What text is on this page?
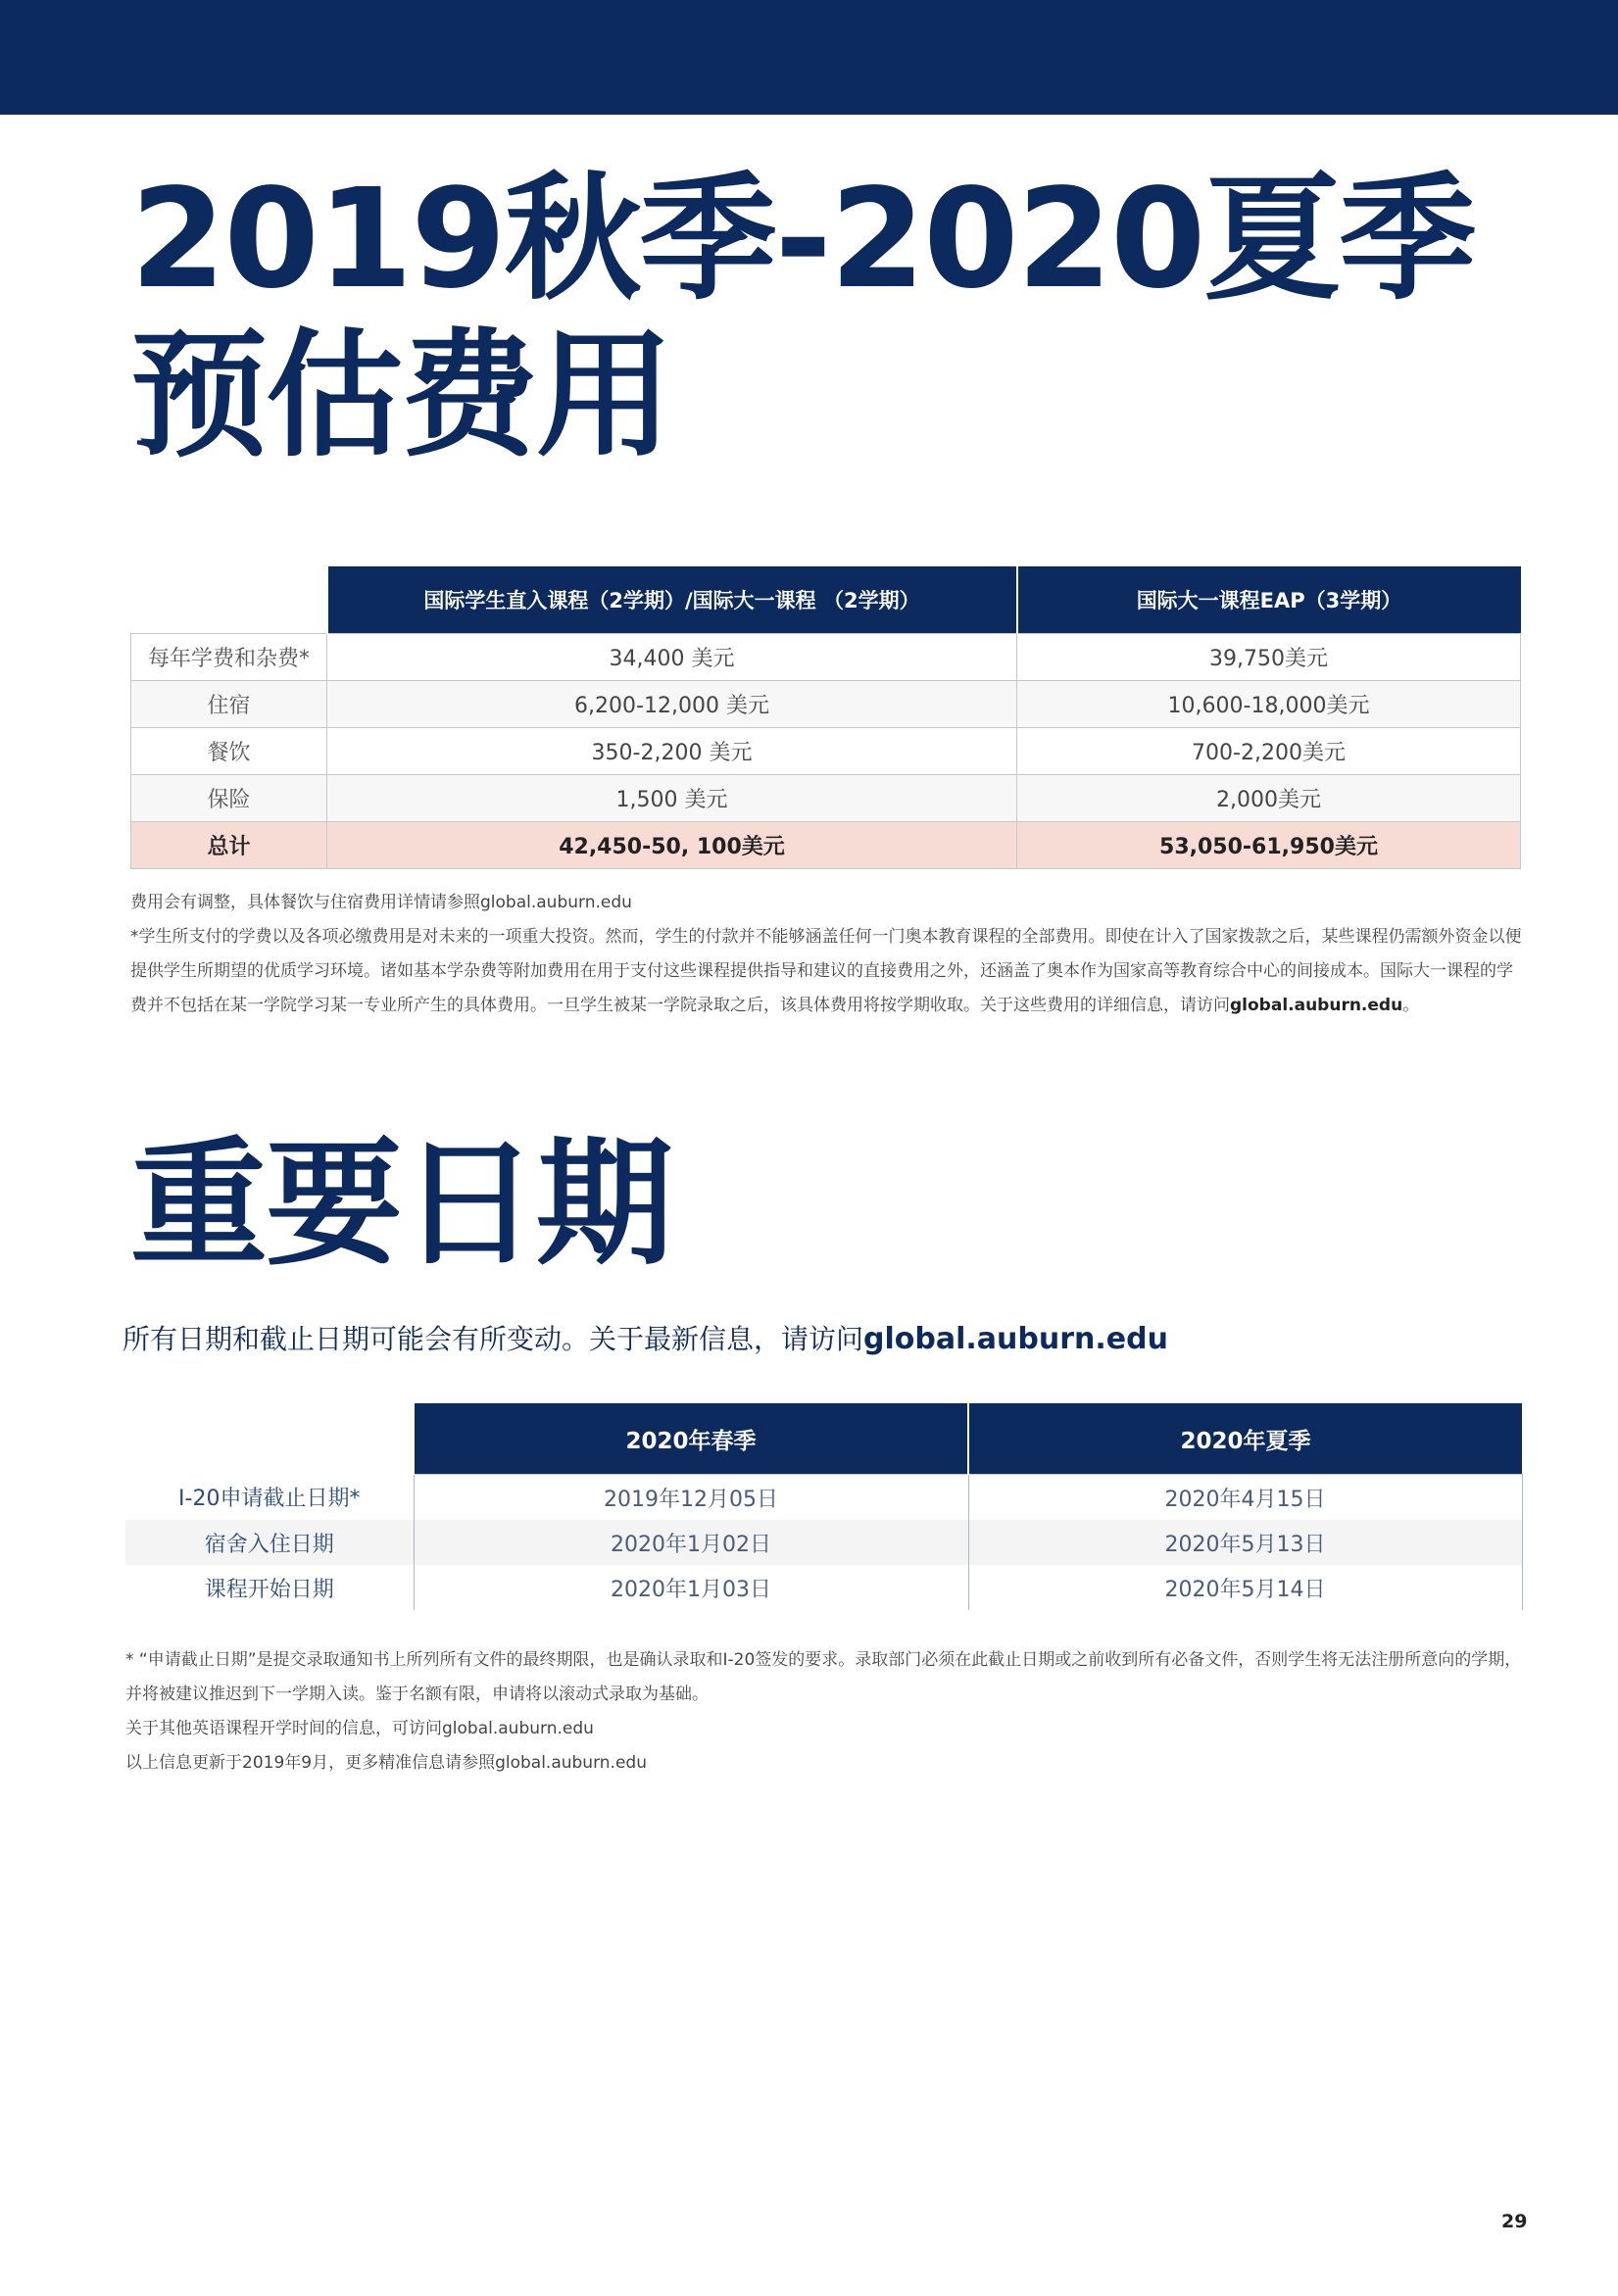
2019秋季-2020夏季
预估费用
	国际学生直入课程（2学期）/国际大一课程 （2学期）	国际大一课程EAP（3学期）
每年学费和杂费*	34,400 美元	39,750美元
住宿	6,200-12,000 美元	10,600-18,000美元
餐饮	350-2,200 美元	700-2,200美元
保险	1,500 美元	2,000美元
总计	42,450-50, 100美元	53,050-61,950美元

费用会有调整，具体餐饮与住宿费用详情请参照global.auburn.edu

*学生所支付的学费以及各项必缴费用是对未来的一项重大投资。然而，学生的付款并不能够涵盖任何一门奥本教育课程的全部费用。即使在计入了国家拨款之后，某些课程仍需额外资金以便提供学生所期望的优质学习环境。诸如基本学杂费等附加费用在用于支付这些课程提供指导和建议的直接费用之外，还涵盖了奥本作为国家高等教育综合中心的间接成本。国际大一课程的学费并不包括在某一学院学习某一专业所产生的具体费用。一旦学生被某一学院录取之后，该具体费用将按学期收取。关于这些费用的详细信息，请访问global.auburn.edu。

重要日期

所有日期和截止日期可能会有所变动。关于最新信息，请访问global.auburn.edu

	2020年春季	2020年夏季
I-20申请截止日期*	2019年12月05日	2020年4月15日
宿舍入住日期	2020年1月02日	2020年5月13日
课程开始日期	2020年1月03日	2020年5月14日

* “申请截止日期”是提交录取通知书上所列所有文件的最终期限，也是确认录取和I-20签发的要求。录取部门必须在此截止日期或之前收到所有必备文件，否则学生将无法注册所意向的学期，并将被建议推迟到下一学期入读。鉴于名额有限，申请将以滚动式录取为基础。

关于其他英语课程开学时间的信息，可访问global.auburn.edu

以上信息更新于2019年9月，更多精准信息请参照global.auburn.edu

29
